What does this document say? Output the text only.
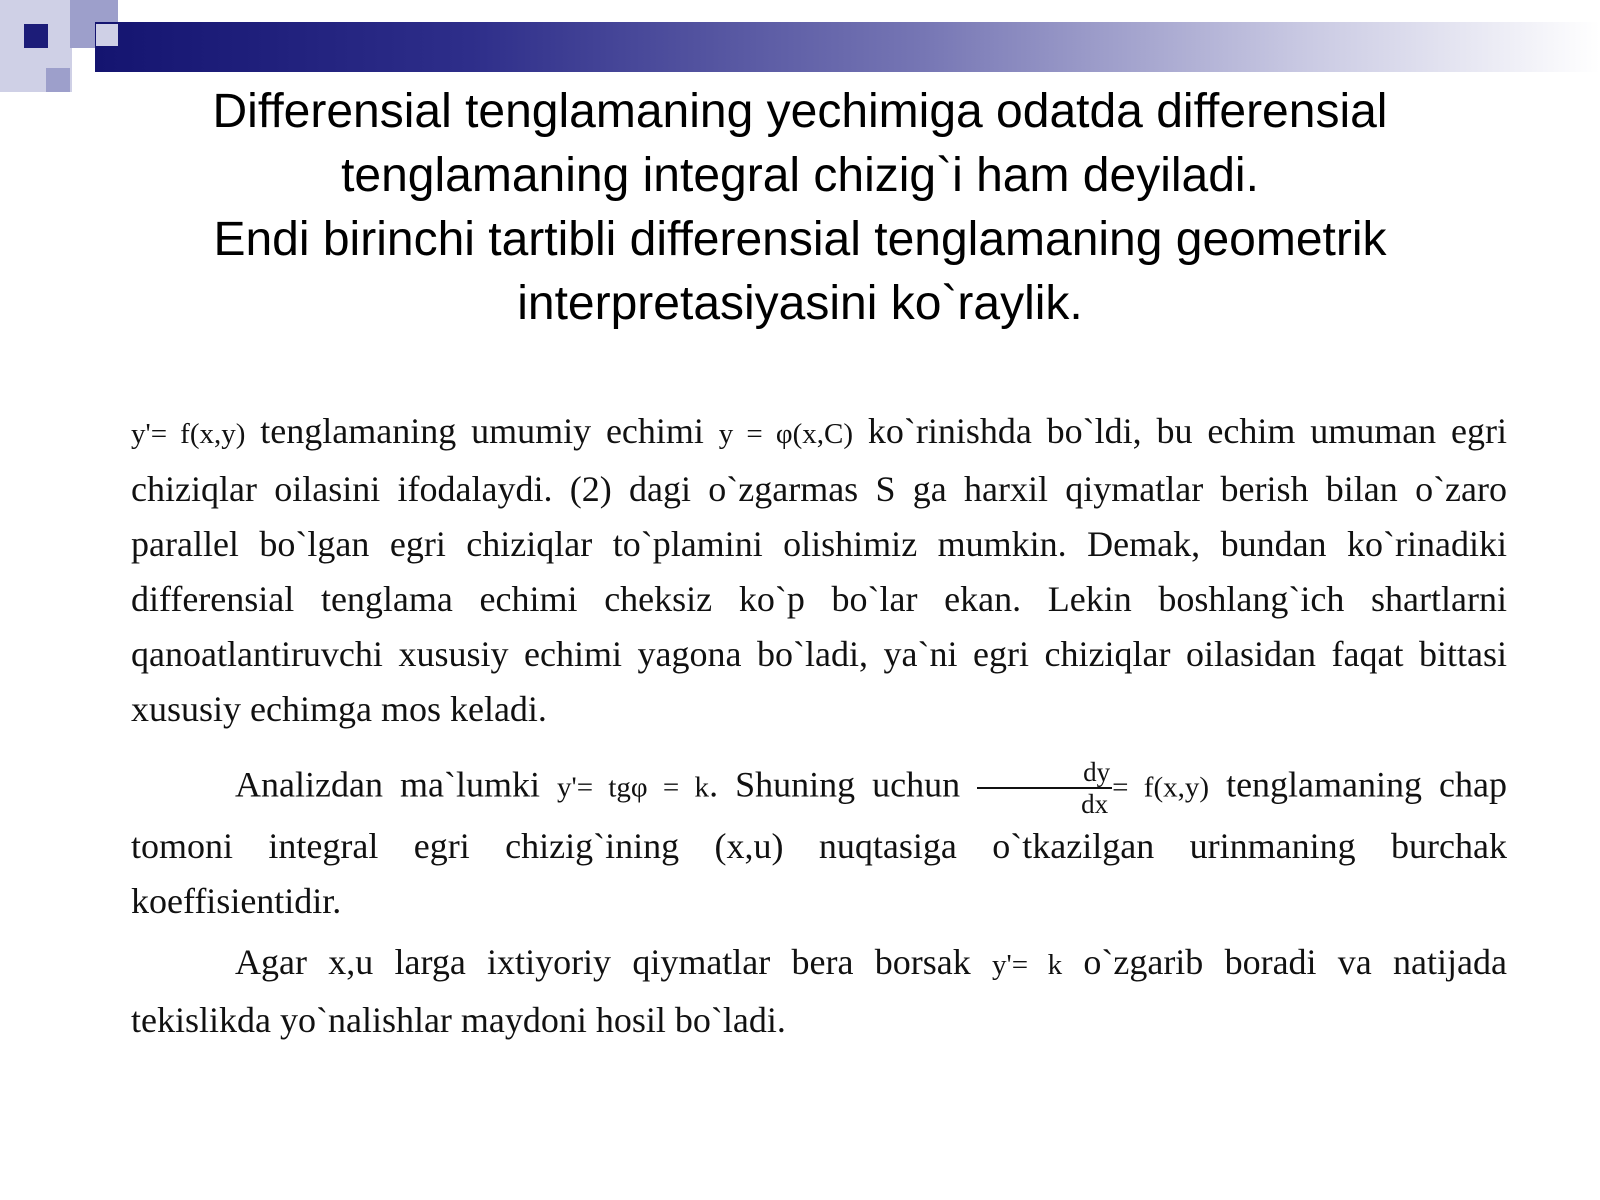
Differensial tenglamaning yechimiga odatda differensial
tenglamaning integral chizig`i ham deyiladi.
Endi birinchi tartibli differensial tenglamaning geometrik
interpretasiyasini ko`raylik.

y'= f(x,y) tenglamaning umumiy echimi y = φ(x,C) ko`rinishda bo`ldi, bu echim umuman egri chiziqlar oilasini ifodalaydi. (2) dagi o`zgarmas S ga harxil qiymatlar berish bilan o`zaro parallel bo`lgan egri chiziqlar to`plamini olishimiz mumkin. Demak, bundan ko`rinadiki differensial tenglama echimi cheksiz ko`p bo`lar ekan. Lekin boshlang`ich shartlarni qanoatlantiruvchi xususiy echimi yagona bo`ladi, ya`ni egri chiziqlar oilasidan faqat bittasi xususiy echimga mos keladi.

Analizdan ma`lumki y'= tgφ = k. Shuning uchun $\frac{dy}{dx} = f(x,y)$ tenglamaning chap tomoni integral egri chizig`ining (x,u) nuqtasiga o`tkazilgan urinmaning burchak koeffisientidir.

Agar x,u larga ixtiyoriy qiymatlar bera borsak y'= k o`zgarib boradi va natijada tekislikda yo`nalishlar maydoni hosil bo`ladi.
